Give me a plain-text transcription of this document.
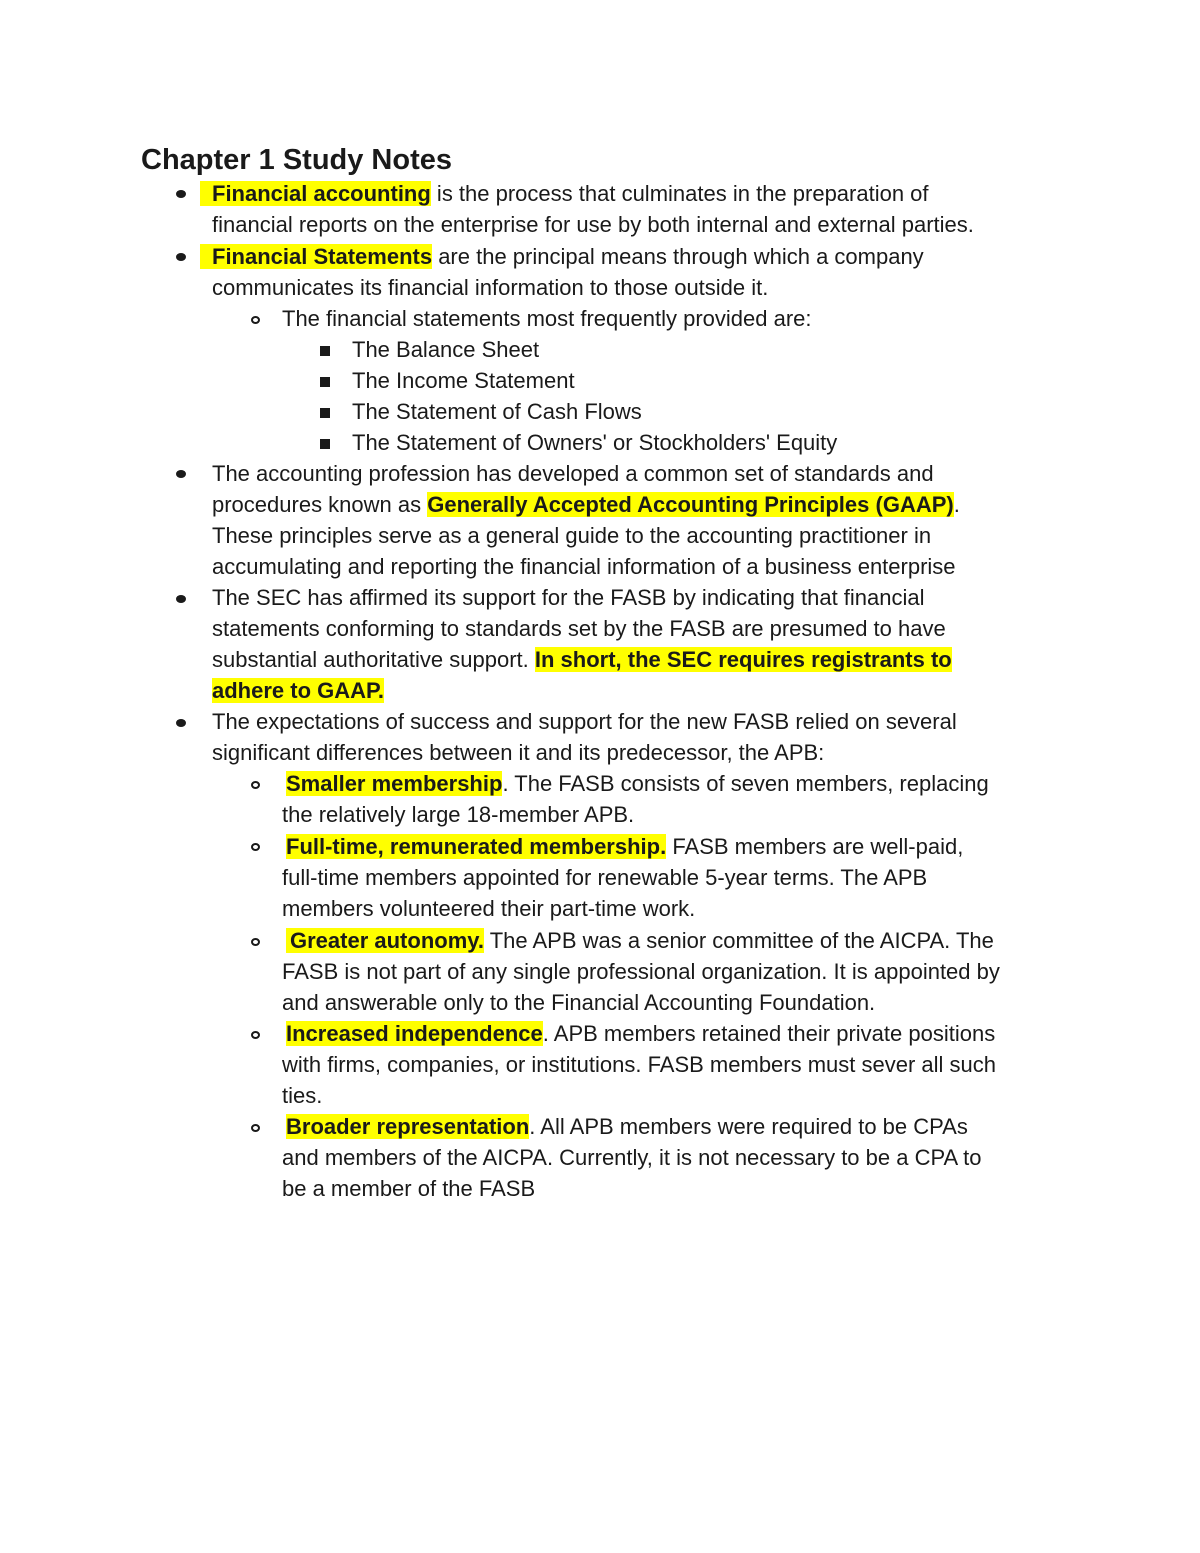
Chapter 1 Study Notes
Financial accounting is the process that culminates in the preparation of
financial reports on the enterprise for use by both internal and external parties.
Financial Statements are the principal means through which a company
communicates its financial information to those outside it.
The financial statements most frequently provided are:
The Balance Sheet
The Income Statement
The Statement of Cash Flows
The Statement of Owners' or Stockholders' Equity
The accounting profession has developed a common set of standards and
procedures known as Generally Accepted Accounting Principles (GAAP).
These principles serve as a general guide to the accounting practitioner in
accumulating and reporting the financial information of a business enterprise
The SEC has affirmed its support for the FASB by indicating that financial
statements conforming to standards set by the FASB are presumed to have
substantial authoritative support. In short, the SEC requires registrants to
adhere to GAAP.
The expectations of success and support for the new FASB relied on several
significant differences between it and its predecessor, the APB:
Smaller membership. The FASB consists of seven members, replacing
the relatively large 18-member APB.
Full-time, remunerated membership. FASB members are well-paid,
full-time members appointed for renewable 5-year terms. The APB
members volunteered their part-time work.
Greater autonomy. The APB was a senior committee of the AICPA. The
FASB is not part of any single professional organization. It is appointed by
and answerable only to the Financial Accounting Foundation.
Increased independence. APB members retained their private positions
with firms, companies, or institutions. FASB members must sever all such
ties.
Broader representation. All APB members were required to be CPAs
and members of the AICPA. Currently, it is not necessary to be a CPA to
be a member of the FASB
